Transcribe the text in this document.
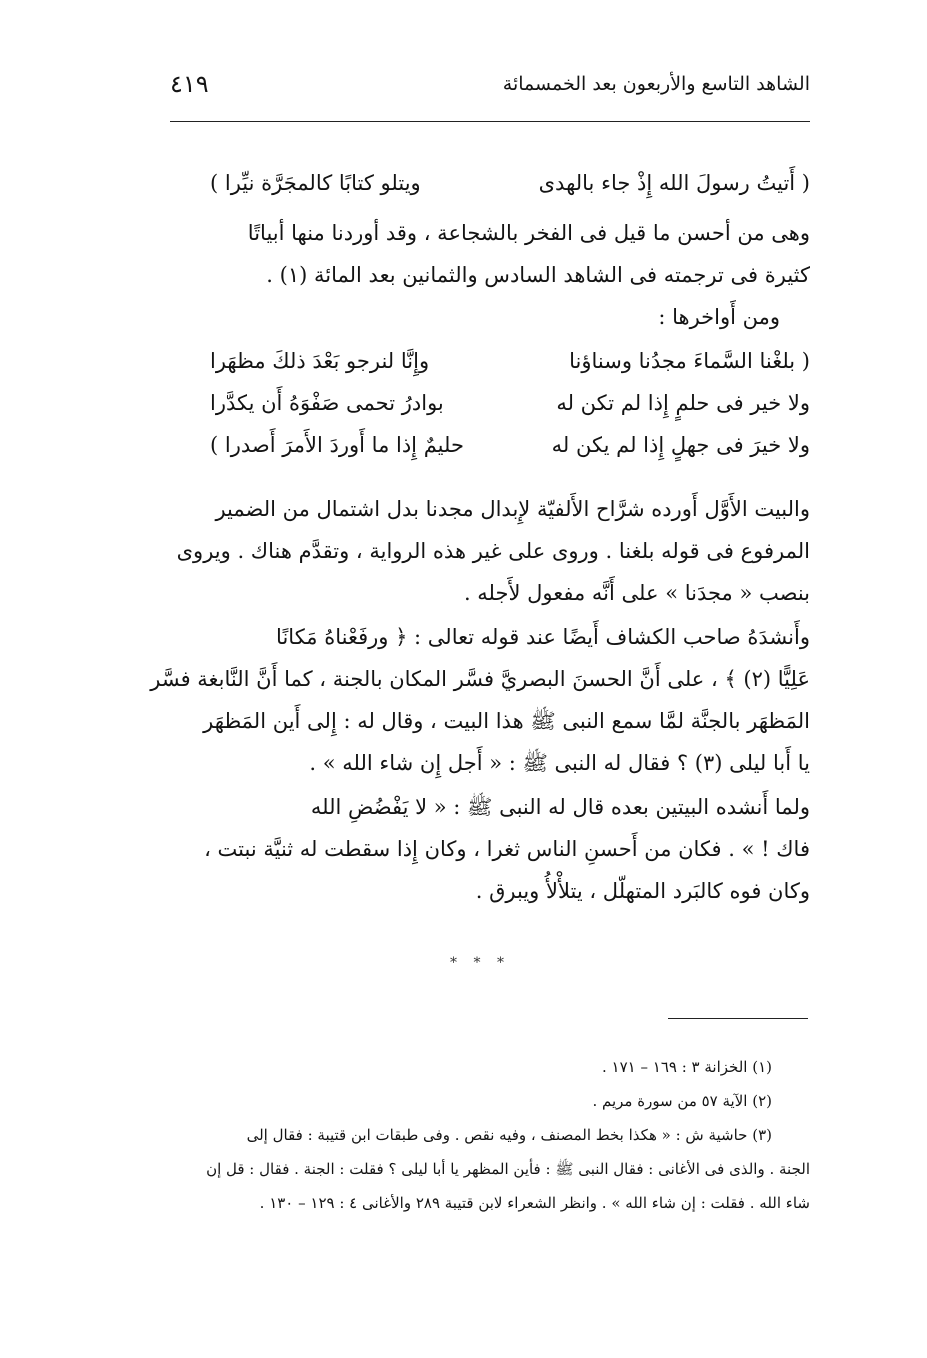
الشاهد التاسع والأربعون بعد الخمسمائة
٤١٩
( أَتيتُ رسولَ الله إِذْ جاء بالهدى
ويتلو كتابًا كالمجَرَّة نيِّرا )
وهى من أحسن ما قيل فى الفخر بالشجاعة ، وقد أوردنا منها أبياتًا
كثيرة فى ترجمته فى الشاهد السادس والثمانين بعد المائة (١) .
ومن أَواخرها :
( بلغْنا السَّماءَ مجدُنا وسناؤنا
وإِنَّا لنرجو بَعْدَ ذلكَ مظهَرا
ولا خير فى حلمٍ إِذا لم تكن له
بوادرُ تحمى صَفْوَهُ أَن يكدَّرا
ولا خيرَ فى جهلٍ إِذا لم يكن له
حليمٌ إِذا ما أَوردَ الأَمرَ أَصدرا )
والبيت الأَوَّل أَورده شرَّاح الأَلفيّة لإِبدال مجدنا بدل اشتمال من الضمير
المرفوع فى قوله بلغنا . وروى على غير هذه الرواية ، وتقدَّم هناك . ويروى
بنصب « مجدَنا » على أَنَّه مفعول لأَجله .
وأَنشدَهُ صاحب الكشاف أَيضًا عند قوله تعالى : ﴿ ورفَعْناهُ مَكانًا
عَلِيًّا (٢) ﴾ ، على أَنَّ الحسنَ البصريَّ فسَّر المكان بالجنة ، كما أَنَّ النَّابغة فسَّر
المَظهَر بالجنَّة لمَّا سمع النبى ﷺ هذا البيت ، وقال له : إِلى أَين المَظهَر
يا أَبا ليلى (٣) ؟ فقال له النبى ﷺ : « أَجل إِن شاء الله » .
ولما أَنشده البيتين بعده قال له النبى ﷺ : « لا يَفْضُضِ الله
فاك ! » . فكان من أَحسنِ الناس ثغرا ، وكان إِذا سقطت له ثنيَّة نبتت ،
وكان فوه كالبَرد المتهلّل ، يتلأْلأُ ويبرق .
* * *
(١) الخزانة ٣ : ١٦٩ – ١٧١ .
(٢) الآية ٥٧ من سورة مريم .
(٣) حاشية ش : « هكذا بخط المصنف ، وفيه نقص . وفى طبقات ابن قتيبة : فقال إلى
الجنة . والذى فى الأغانى : فقال النبى ﷺ : فأين المظهر يا أبا ليلى ؟ فقلت : الجنة . فقال : قل إن
شاء الله . فقلت : إن شاء الله » . وانظر الشعراء لابن قتيبة ٢٨٩ والأغانى ٤ : ١٢٩ – ١٣٠ .
